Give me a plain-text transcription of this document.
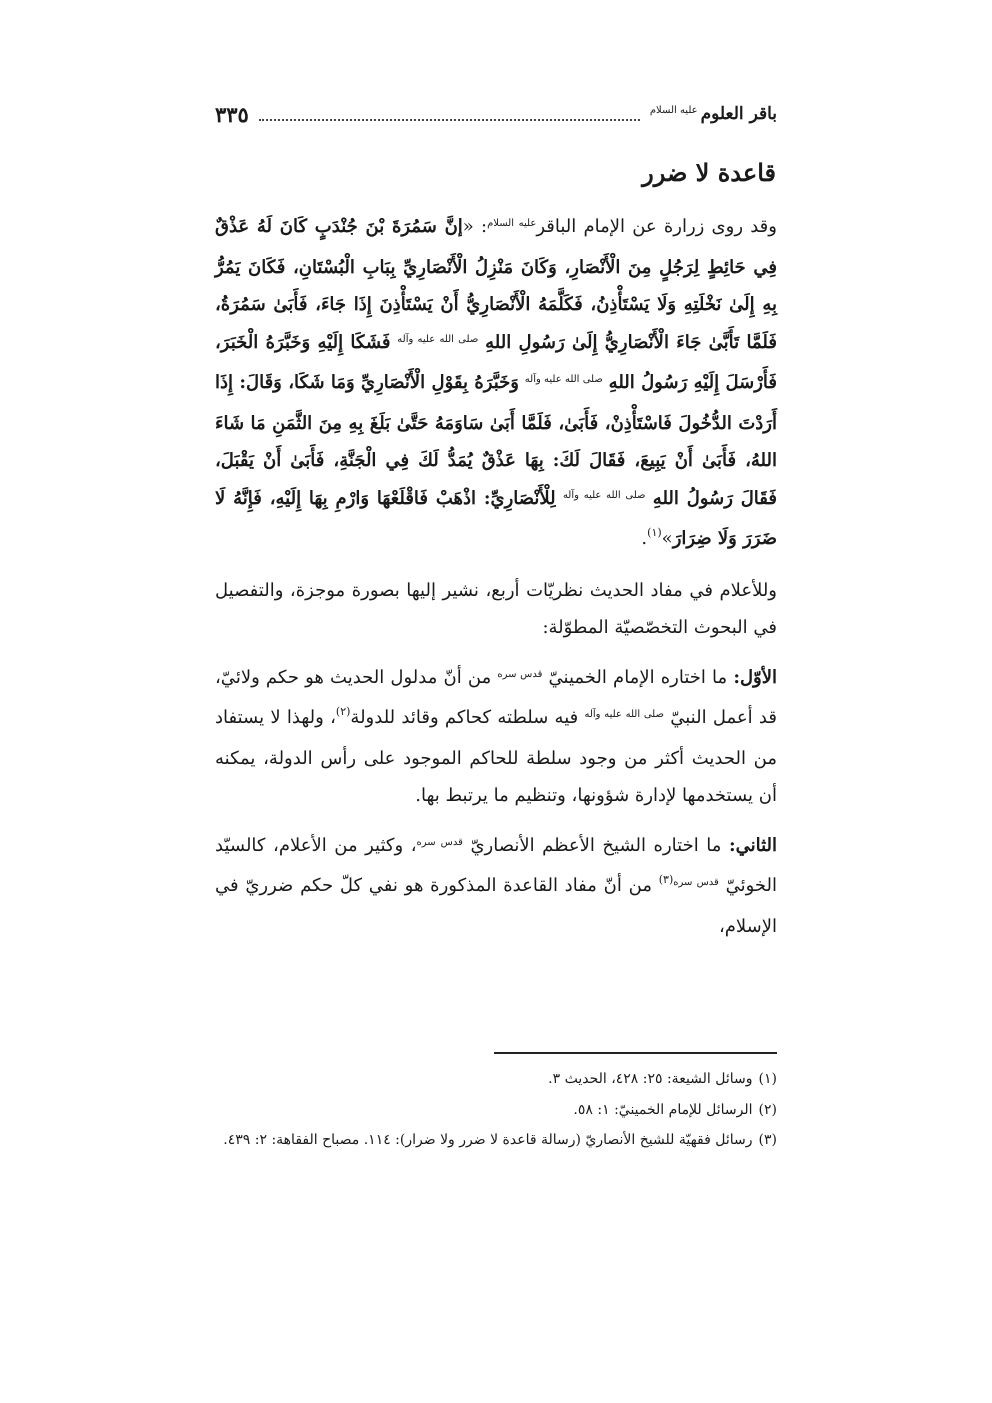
باقر العلوم
عليه السلام
٣٣٥
قاعدة لا ضرر

وقد روى زرارة عن الإمام الباقر$^{عليه السلام}$: «إنَّ سَمُرَةَ بْنَ جُنْدَبٍ كَانَ لَهُ عَذْقٌ فِي حَائِطٍ لِرَجُلٍ مِنَ الْأَنْصَارِ، وَكَانَ مَنْزِلُ الْأَنْصَارِيِّ بِبَابِ الْبُسْتَانِ، فَكَانَ يَمُرُّ بِهِ إِلَىٰ نَخْلَتِهِ وَلَا يَسْتَأْذِنُ، فَكَلَّمَهُ الْأَنْصَارِيُّ أَنْ يَسْتَأْذِنَ إِذَا جَاءَ، فَأَبَىٰ سَمُرَةُ، فَلَمَّا تَأَبَّىٰ جَاءَ الْأَنْصَارِيُّ إِلَىٰ رَسُولِ اللهِ $^{صلى الله عليه وآله}$ فَشَكَا إِلَيْهِ وَخَبَّرَهُ الْخَبَرَ، فَأَرْسَلَ إِلَيْهِ رَسُولُ اللهِ $^{صلى الله عليه وآله}$ وَخَبَّرَهُ بِقَوْلِ الْأَنْصَارِيِّ وَمَا شَكَا، وَقَالَ: إِذَا أَرَدْتَ الدُّخُولَ فَاسْتَأْذِنْ، فَأَبَىٰ، فَلَمَّا أَبَىٰ سَاوَمَهُ حَتَّىٰ بَلَغَ بِهِ مِنَ الثَّمَنِ مَا شَاءَ اللهُ، فَأَبَىٰ أَنْ يَبِيعَ، فَقَالَ لَكَ: بِهَا عَذْقٌ يُمَدُّ لَكَ فِي الْجَنَّةِ، فَأَبَىٰ أَنْ يَقْبَلَ، فَقَالَ رَسُولُ اللهِ $^{صلى الله عليه وآله}$ لِلْأَنْصَارِيِّ: اذْهَبْ فَاقْلَعْهَا وَارْمِ بِهَا إِلَيْهِ، فَإِنَّهُ لَا ضَرَرَ وَلَا ضِرَارَ»$^{(١)}$.

وللأعلام في مفاد الحديث نظريّات أربع، نشير إليها بصورة موجزة، والتفصيل في البحوث التخصّصيّة المطوّلة:

الأوّل: ما اختاره الإمام الخمينيّ $^{قدس سره}$ من أنّ مدلول الحديث هو حكم ولائيّ، قد أعمل النبيّ $^{صلى الله عليه وآله}$ فيه سلطته كحاكم وقائد للدولة$^{(٢)}$، ولهذا لا يستفاد من الحديث أكثر من وجود سلطة للحاكم الموجود على رأس الدولة، يمكنه أن يستخدمها لإدارة شؤونها، وتنظيم ما يرتبط بها.

الثاني: ما اختاره الشيخ الأعظم الأنصاريّ $^{قدس سره}$، وكثير من الأعلام، كالسيّد الخوئيّ $^{قدس سره(٣)}$ من أنّ مفاد القاعدة المذكورة هو نفي كلّ حكم ضرريّ في الإسلام،

(١)وسائل الشيعة: ٢٥: ٤٢٨، الحديث ٣.

(٢)الرسائل للإمام الخمينيّ: ١: ٥٨.

(٣)رسائل فقهيّة للشيخ الأنصاريّ (رسالة قاعدة لا ضرر ولا ضرار): ١١٤. مصباح الفقاهة: ٢: ٤٣٩.
